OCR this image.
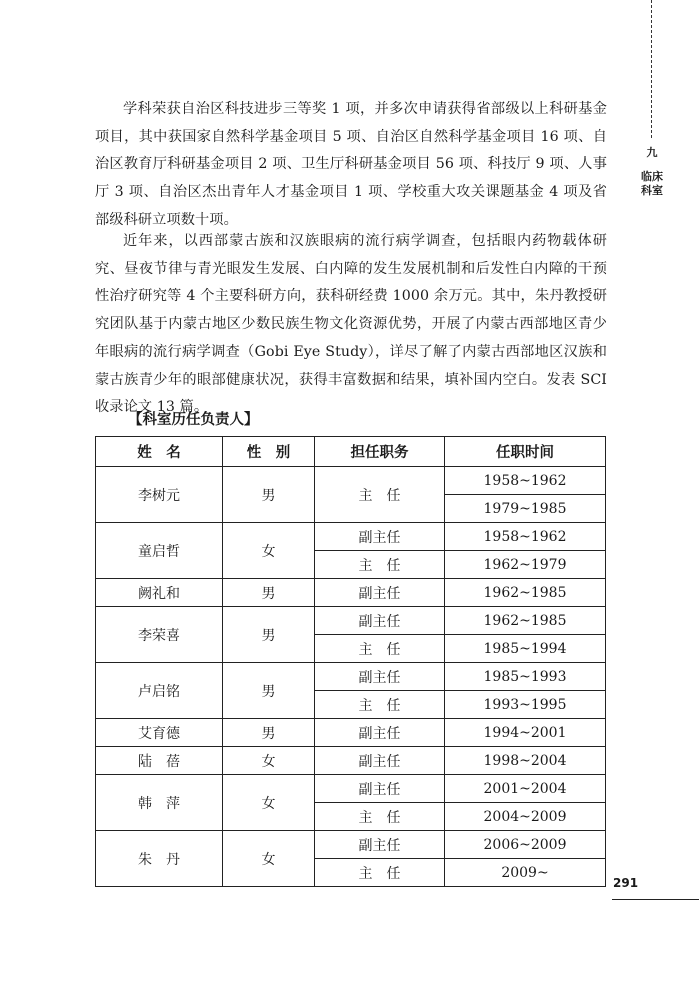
九
临床科室

学科荣获自治区科技进步三等奖 1 项，并多次申请获得省部级以上科研基金项目，其中获国家自然科学基金项目 5 项、自治区自然科学基金项目 16 项、自治区教育厅科研基金项目 2 项、卫生厅科研基金项目 56 项、科技厅 9 项、人事厅 3 项、自治区杰出青年人才基金项目 1 项、学校重大攻关课题基金 4 项及省部级科研立项数十项。

近年来，以西部蒙古族和汉族眼病的流行病学调查，包括眼内药物载体研究、昼夜节律与青光眼发生发展、白内障的发生发展机制和后发性白内障的干预性治疗研究等 4 个主要科研方向，获科研经费 1000 余万元。其中，朱丹教授研究团队基于内蒙古地区少数民族生物文化资源优势，开展了内蒙古西部地区青少年眼病的流行病学调查（Gobi Eye Study），详尽了解了内蒙古西部地区汉族和蒙古族青少年的眼部健康状况，获得丰富数据和结果，填补国内空白。发表 SCI 收录论文 13 篇。

【科室历任负责人】
姓　名	性　别	担任职务	任职时间
李树元	男	主　任	1958~1962
			1979~1985
童启哲	女	副主任	1958~1962
		主　任	1962~1979
阙礼和	男	副主任	1962~1985
李荣喜	男	副主任	1962~1985
		主　任	1985~1994
卢启铭	男	副主任	1985~1993
		主　任	1993~1995
艾育德	男	副主任	1994~2001
陆　蓓	女	副主任	1998~2004
韩　萍	女	副主任	2001~2004
		主　任	2004~2009
朱　丹	女	副主任	2006~2009
		主　任	2009~
291
